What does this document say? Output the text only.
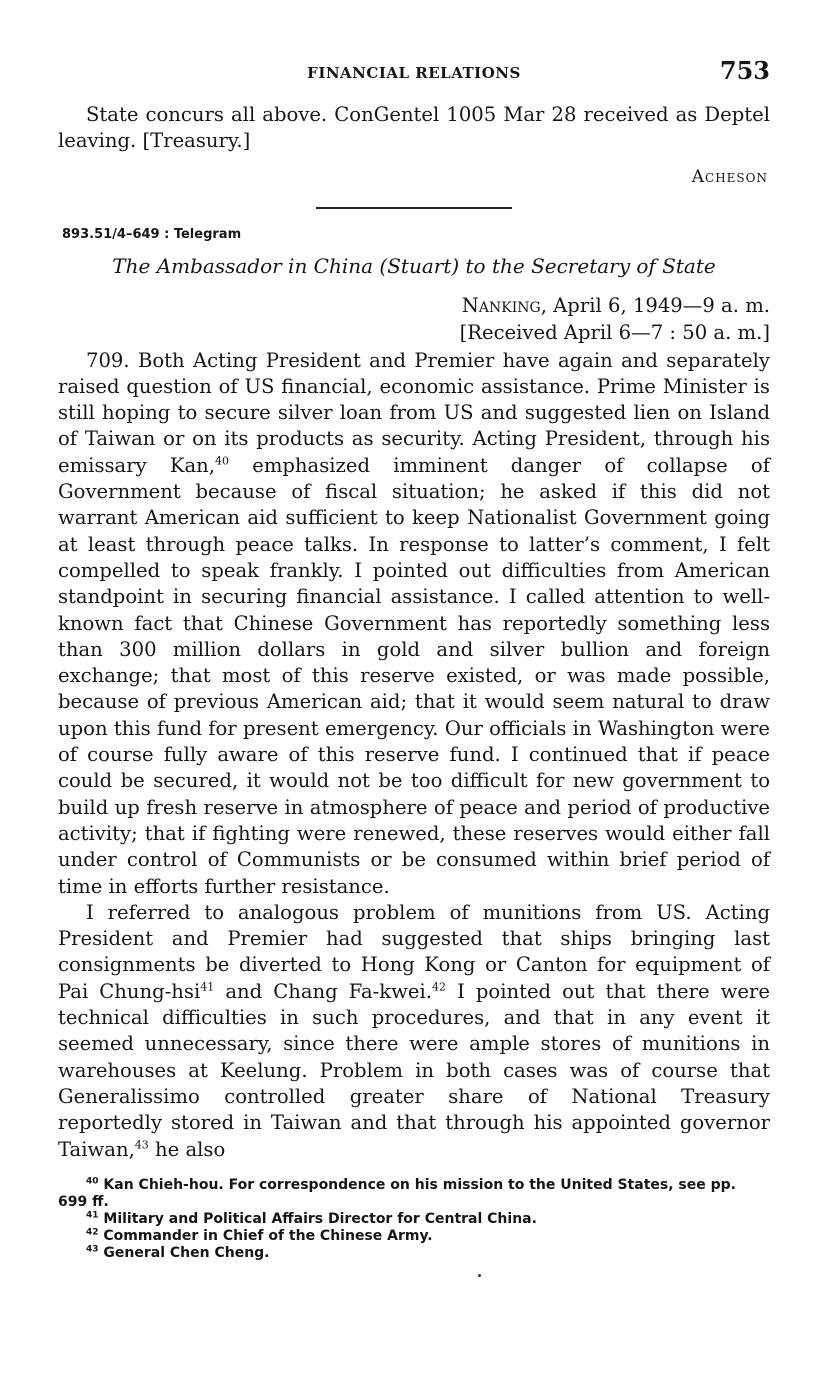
FINANCIAL RELATIONS	753

State concurs all above. ConGentel 1005 Mar 28 received as Deptel leaving. [Treasury.]

Acheson
893.51/4–649 : Telegram
The Ambassador in China (Stuart) to the Secretary of State
Nanking, April 6, 1949—9 a. m.
[Received April 6—7 : 50 a. m.]

709. Both Acting President and Premier have again and separately raised question of US financial, economic assistance. Prime Minister is still hoping to secure silver loan from US and suggested lien on Island of Taiwan or on its products as security. Acting President, through his emissary Kan,$^{40}$ emphasized imminent danger of collapse of Government because of fiscal situation; he asked if this did not warrant American aid sufficient to keep Nationalist Government going at least through peace talks. In response to latter’s comment, I felt compelled to speak frankly. I pointed out difficulties from American standpoint in securing financial assistance. I called attention to well-known fact that Chinese Government has reportedly something less than 300 million dollars in gold and silver bullion and foreign exchange; that most of this reserve existed, or was made possible, because of previous American aid; that it would seem natural to draw upon this fund for present emergency. Our officials in Washington were of course fully aware of this reserve fund. I continued that if peace could be secured, it would not be too difficult for new government to build up fresh reserve in atmosphere of peace and period of productive activity; that if fighting were renewed, these reserves would either fall under control of Communists or be consumed within brief period of time in efforts further resistance.

I referred to analogous problem of munitions from US. Acting President and Premier had suggested that ships bringing last consignments be diverted to Hong Kong or Canton for equipment of Pai Chung-hsi$^{41}$ and Chang Fa-kwei.$^{42}$ I pointed out that there were technical difficulties in such procedures, and that in any event it seemed unnecessary, since there were ample stores of munitions in warehouses at Keelung. Problem in both cases was of course that Generalissimo controlled greater share of National Treasury reportedly stored in Taiwan and that through his appointed governor Taiwan,$^{43}$ he also

$^{40}$ Kan Chieh-hou. For correspondence on his mission to the United States, see pp. 699 ff.

$^{41}$ Military and Political Affairs Director for Central China.

$^{42}$ Commander in Chief of the Chinese Army.

$^{43}$ General Chen Cheng.
